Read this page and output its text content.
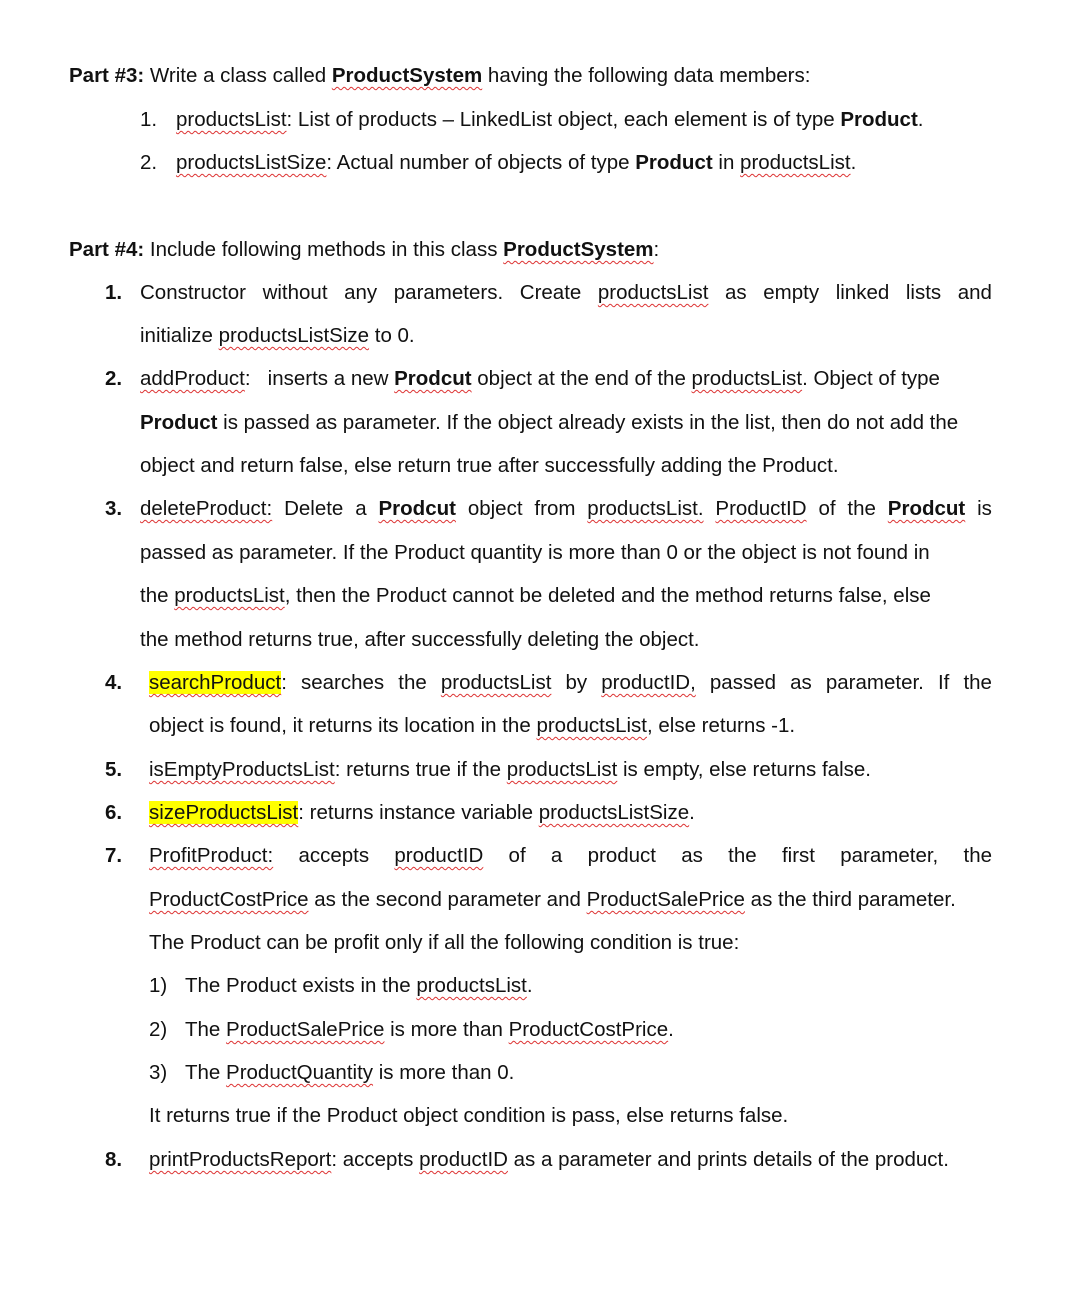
Part #3: Write a class called ProductSystem having the following data members:
1. productsList: List of products – LinkedList object, each element is of type Product.
2. productsListSize: Actual number of objects of type Product in productsList.
Part #4: Include following methods in this class ProductSystem:
1. Constructor without any parameters. Create productsList as empty linked lists and
initialize productsListSize to 0.
2. addProduct:   inserts a new Prodcut object at the end of the productsList. Object of type
Product is passed as parameter. If the object already exists in the list, then do not add the
object and return false, else return true after successfully adding the Product.
3. deleteProduct: Delete a Prodcut object from productsList. ProductID of the Prodcut is
passed as parameter. If the Product quantity is more than 0 or the object is not found in
the productsList, then the Product cannot be deleted and the method returns false, else
the method returns true, after successfully deleting the object.
4. searchProduct: searches the productsList by productID, passed as parameter. If the
object is found, it returns its location in the productsList, else returns -1.
5. isEmptyProductsList: returns true if the productsList is empty, else returns false.
6. sizeProductsList: returns instance variable productsListSize.
7. ProfitProduct: accepts productID of a product as the first parameter, the
ProductCostPrice as the second parameter and ProductSalePrice as the third parameter.
The Product can be profit only if all the following condition is true:
1) The Product exists in the productsList.
2) The ProductSalePrice is more than ProductCostPrice.
3) The ProductQuantity is more than 0.
It returns true if the Product object condition is pass, else returns false.
8. printProductsReport: accepts productID as a parameter and prints details of the product.
